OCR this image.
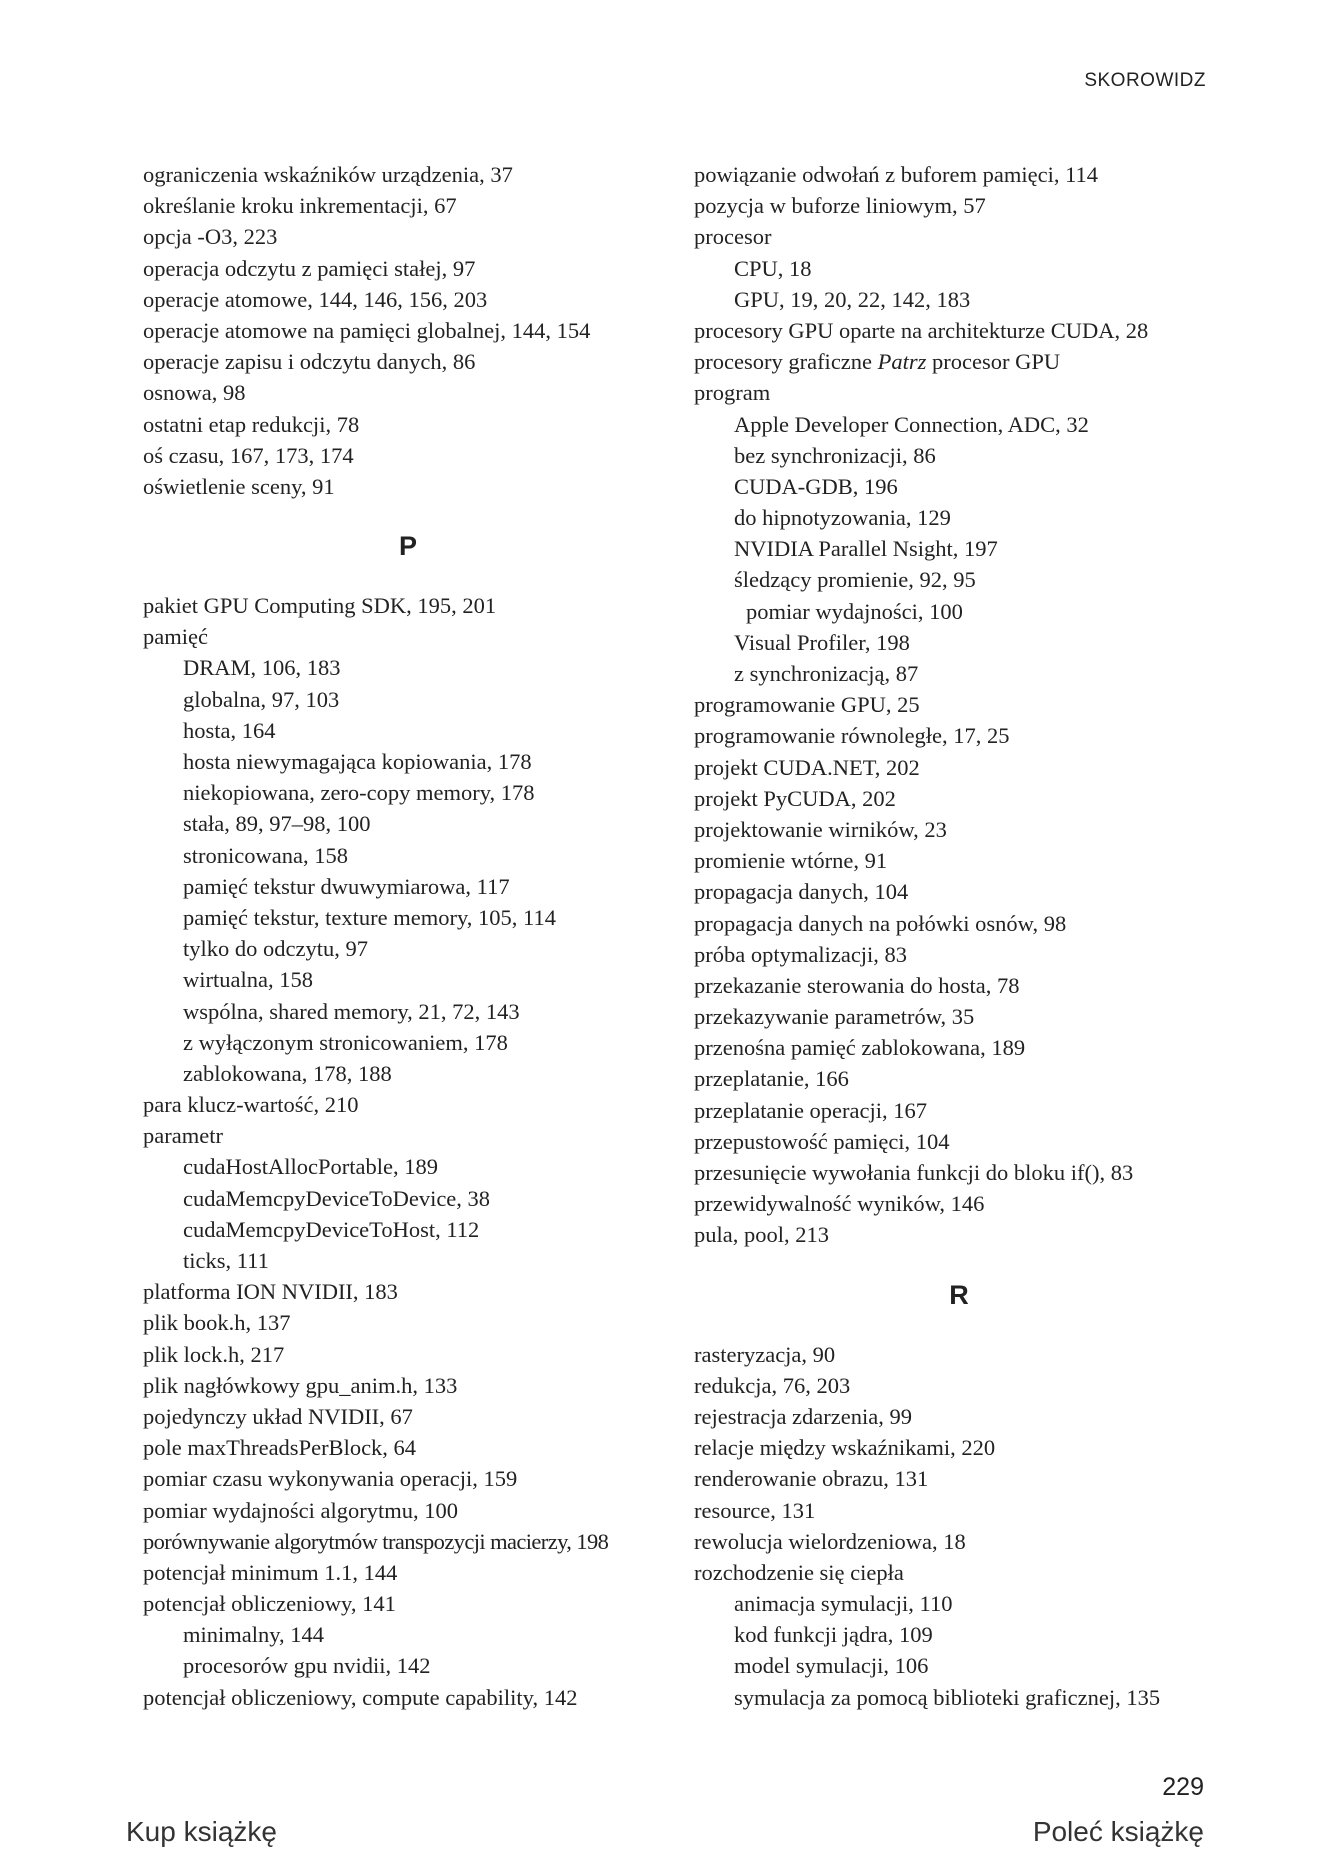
SKOROWIDZ
ograniczenia wskaźników urządzenia, 37
określanie kroku inkrementacji, 67
opcja -O3, 223
operacja odczytu z pamięci stałej, 97
operacje atomowe, 144, 146, 156, 203
operacje atomowe na pamięci globalnej, 144, 154
operacje zapisu i odczytu danych, 86
osnowa, 98
ostatni etap redukcji, 78
oś czasu, 167, 173, 174
oświetlenie sceny, 91
P
pakiet GPU Computing SDK, 195, 201
pamięć
DRAM, 106, 183
globalna, 97, 103
hosta, 164
hosta niewymagająca kopiowania, 178
niekopiowana, zero-copy memory, 178
stała, 89, 97–98, 100
stronicowana, 158
pamięć tekstur dwuwymiarowa, 117
pamięć tekstur, texture memory, 105, 114
tylko do odczytu, 97
wirtualna, 158
wspólna, shared memory, 21, 72, 143
z wyłączonym stronicowaniem, 178
zablokowana, 178, 188
para klucz-wartość, 210
parametr
cudaHostAllocPortable, 189
cudaMemcpyDeviceToDevice, 38
cudaMemcpyDeviceToHost, 112
ticks, 111
platforma ION NVIDII, 183
plik book.h, 137
plik lock.h, 217
plik nagłówkowy gpu_anim.h, 133
pojedynczy układ NVIDII, 67
pole maxThreadsPerBlock, 64
pomiar czasu wykonywania operacji, 159
pomiar wydajności algorytmu, 100
porównywanie algorytmów transpozycji macierzy, 198
potencjał minimum 1.1, 144
potencjał obliczeniowy, 141
minimalny, 144
procesorów gpu nvidii, 142
potencjał obliczeniowy, compute capability, 142
powiązanie odwołań z buforem pamięci, 114
pozycja w buforze liniowym, 57
procesor
CPU, 18
GPU, 19, 20, 22, 142, 183
procesory GPU oparte na architekturze CUDA, 28
procesory graficzne Patrz procesor GPU
program
Apple Developer Connection, ADC, 32
bez synchronizacji, 86
CUDA-GDB, 196
do hipnotyzowania, 129
NVIDIA Parallel Nsight, 197
śledzący promienie, 92, 95
pomiar wydajności, 100
Visual Profiler, 198
z synchronizacją, 87
programowanie GPU, 25
programowanie równoległe, 17, 25
projekt CUDA.NET, 202
projekt PyCUDA, 202
projektowanie wirników, 23
promienie wtórne, 91
propagacja danych, 104
propagacja danych na połówki osnów, 98
próba optymalizacji, 83
przekazanie sterowania do hosta, 78
przekazywanie parametrów, 35
przenośna pamięć zablokowana, 189
przeplatanie, 166
przeplatanie operacji, 167
przepustowość pamięci, 104
przesunięcie wywołania funkcji do bloku if(), 83
przewidywalność wyników, 146
pula, pool, 213
R
rasteryzacja, 90
redukcja, 76, 203
rejestracja zdarzenia, 99
relacje między wskaźnikami, 220
renderowanie obrazu, 131
resource, 131
rewolucja wielordzeniowa, 18
rozchodzenie się ciepła
animacja symulacji, 110
kod funkcji jądra, 109
model symulacji, 106
symulacja za pomocą biblioteki graficznej, 135
229
Kup książkę	Poleć książkę
